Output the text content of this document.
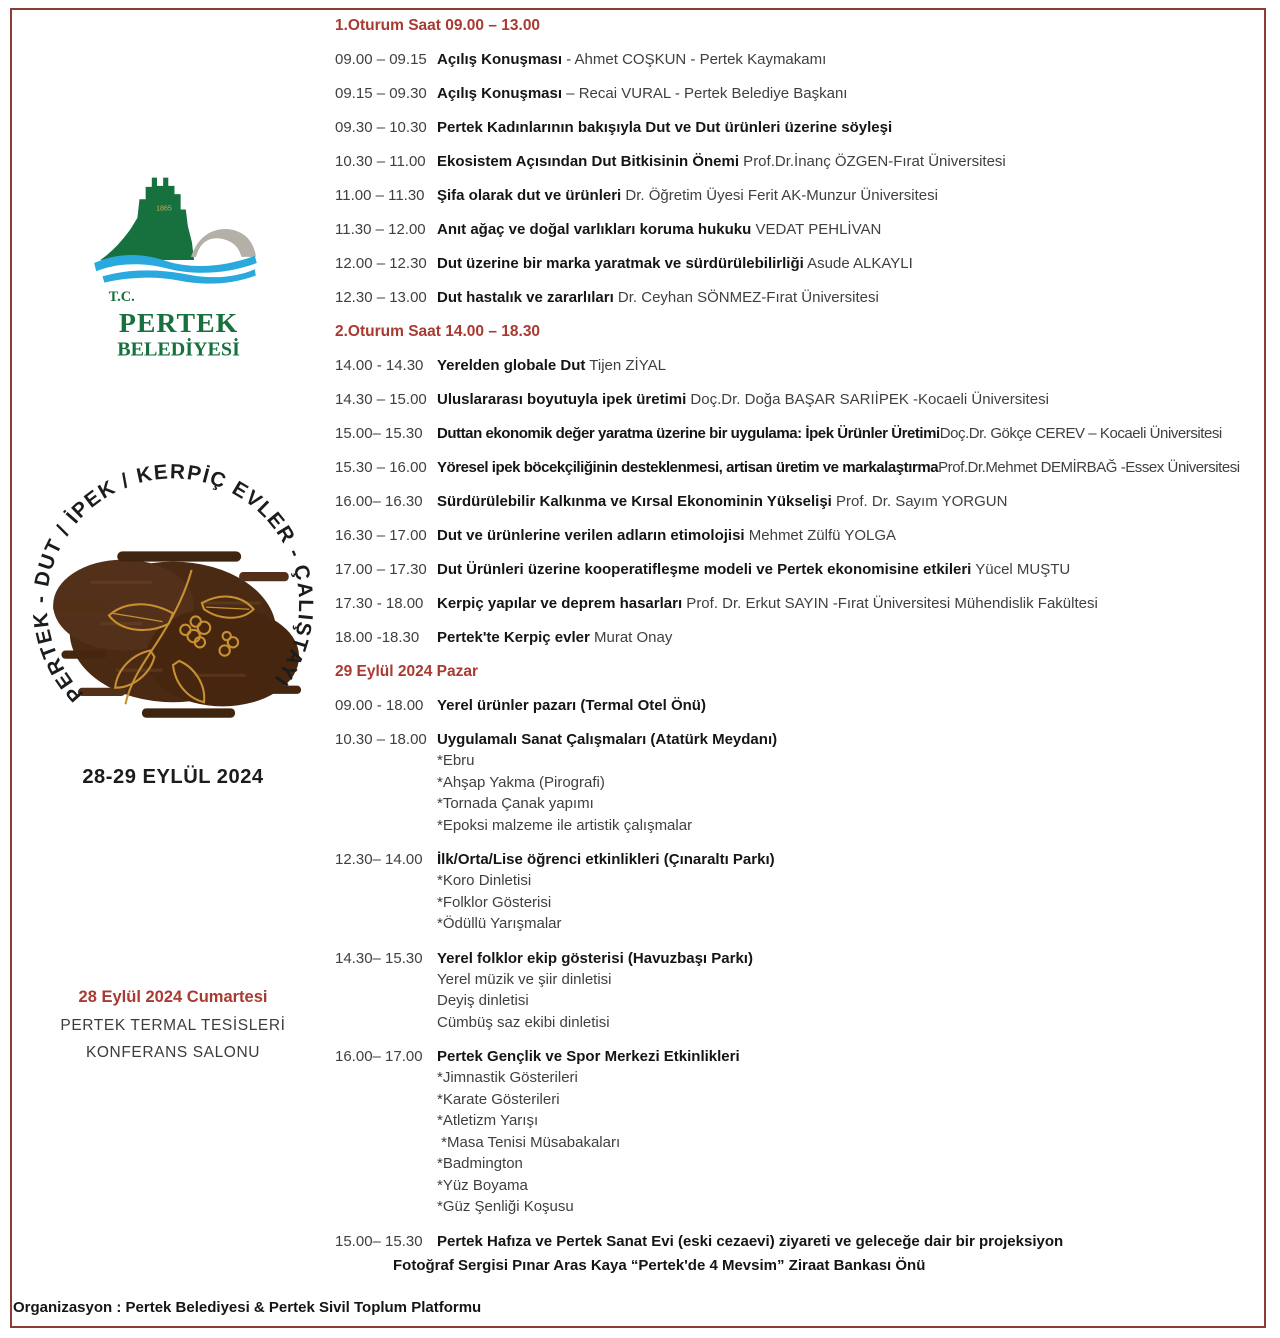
1865
T.C.
PERTEK
BELEDİYESİ
PERTEK - DUT / İPEK / KERPİÇ EVLER - ÇALIŞTAYI
28-29 EYLÜL 2024
28 Eylül 2024 Cumartesi
PERTEK TERMAL TESİSLERİ
KONFERANS SALONU
1.Oturum Saat 09.00 – 13.00
09.00 – 09.15 Açılış Konuşması - Ahmet COŞKUN - Pertek Kaymakamı
09.15 – 09.30 Açılış Konuşması – Recai VURAL - Pertek Belediye Başkanı
09.30 – 10.30 Pertek Kadınlarının bakışıyla Dut ve Dut ürünleri üzerine söyleşi
10.30 – 11.00 Ekosistem Açısından Dut Bitkisinin Önemi Prof.Dr.İnanç ÖZGEN-Fırat Üniversitesi
11.00 – 11.30 Şifa olarak dut ve ürünleri Dr. Öğretim Üyesi Ferit AK-Munzur Üniversitesi
11.30 – 12.00 Anıt ağaç ve doğal varlıkları koruma hukuku VEDAT PEHLİVAN
12.00 – 12.30 Dut üzerine bir marka yaratmak ve sürdürülebilirliği Asude ALKAYLI
12.30 – 13.00 Dut hastalık ve zararlıları Dr. Ceyhan SÖNMEZ-Fırat Üniversitesi
2.Oturum Saat 14.00 – 18.30
14.00 - 14.30 Yerelden globale Dut Tijen ZİYAL
14.30 – 15.00 Uluslararası boyutuyla ipek üretimi Doç.Dr. Doğa BAŞAR SARIİPEK -Kocaeli Üniversitesi
15.00– 15.30 Duttan ekonomik değer yaratma üzerine bir uygulama: İpek Ürünler ÜretimiDoç.Dr. Gökçe CEREV – Kocaeli Üniversitesi
15.30 – 16.00 Yöresel ipek böcekçiliğinin desteklenmesi, artisan üretim ve markalaştırmaProf.Dr.Mehmet DEMİRBAĞ -Essex Üniversitesi
16.00– 16.30 Sürdürülebilir Kalkınma ve Kırsal Ekonominin Yükselişi Prof. Dr. Sayım YORGUN
16.30 – 17.00 Dut ve ürünlerine verilen adların etimolojisi Mehmet Zülfü YOLGA
17.00 – 17.30 Dut Ürünleri üzerine kooperatifleşme modeli ve Pertek ekonomisine etkileri Yücel MUŞTU
17.30 - 18.00 Kerpiç yapılar ve deprem hasarları Prof. Dr. Erkut SAYIN -Fırat Üniversitesi Mühendislik Fakültesi
18.00 -18.30 Pertek'te Kerpiç evler Murat Onay
29 Eylül 2024 Pazar
09.00 - 18.00 Yerel ürünler pazarı (Termal Otel Önü)
10.30 – 18.00 Uygulamalı Sanat Çalışmaları (Atatürk Meydanı)
*Ebru
*Ahşap Yakma (Pirografi)
*Tornada Çanak yapımı
*Epoksi malzeme ile artistik çalışmalar
12.30– 14.00 İlk/Orta/Lise öğrenci etkinlikleri (Çınaraltı Parkı)
*Koro Dinletisi
*Folklor Gösterisi
*Ödüllü Yarışmalar
14.30– 15.30 Yerel folklor ekip gösterisi (Havuzbaşı Parkı)
Yerel müzik ve şiir dinletisi
Deyiş dinletisi
Cümbüş saz ekibi dinletisi
16.00– 17.00 Pertek Gençlik ve Spor Merkezi Etkinlikleri
*Jimnastik Gösterileri
*Karate Gösterileri
*Atletizm Yarışı
*Masa Tenisi Müsabakaları
*Badmington
*Yüz Boyama
*Güz Şenliği Koşusu
15.00– 15.30 Pertek Hafıza ve Pertek Sanat Evi (eski cezaevi) ziyareti ve geleceğe dair bir projeksiyon
Fotoğraf Sergisi Pınar Aras Kaya “Pertek'de 4 Mevsim” Ziraat Bankası Önü
Organizasyon : Pertek Belediyesi & Pertek Sivil Toplum Platformu
